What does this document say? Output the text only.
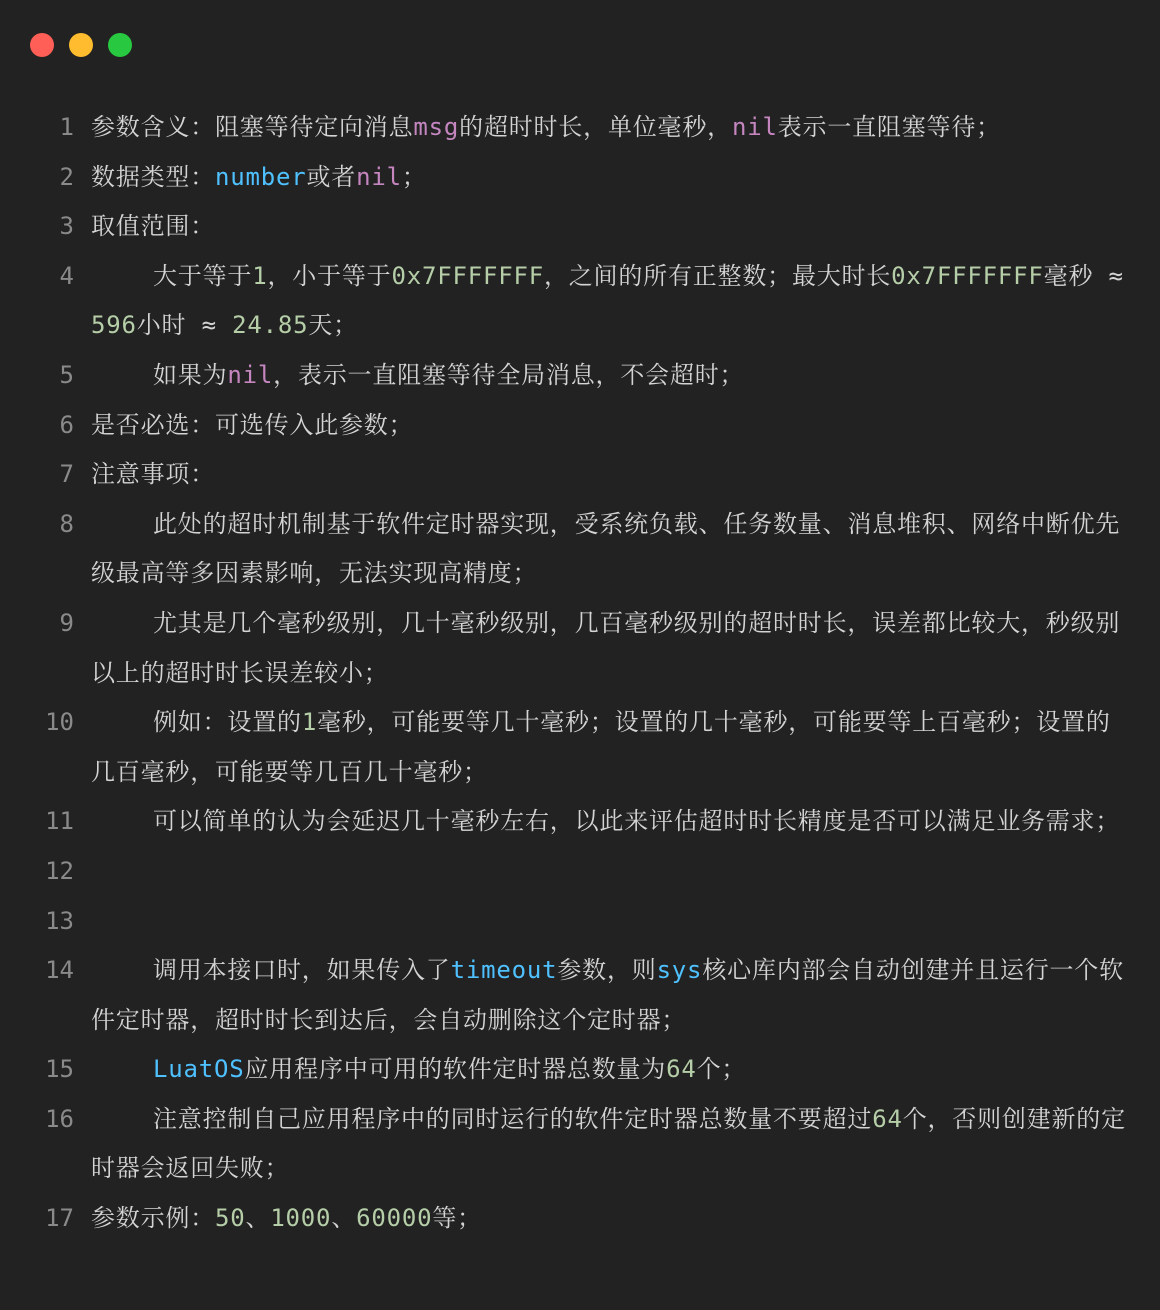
1 参数含义：阻塞等待定向消息msg的超时时长，单位毫秒，nil表示一直阻塞等待；
2 数据类型：number或者nil；
3 取值范围：
4	大于等于1，小于等于0x7FFFFFFF，之间的所有正整数；最大时长0x7FFFFFFF毫秒 ≈ 596小时 ≈ 24.85天；
5	如果为nil，表示一直阻塞等待全局消息，不会超时；
6 是否必选：可选传入此参数；
7 注意事项：
8	此处的超时机制基于软件定时器实现，受系统负载、任务数量、消息堆积、网络中断优先级最高等多因素影响，无法实现高精度；
9	尤其是几个毫秒级别，几十毫秒级别，几百毫秒级别的超时时长，误差都比较大，秒级别以上的超时时长误差较小；
10	例如：设置的1毫秒，可能要等几十毫秒；设置的几十毫秒，可能要等上百毫秒；设置的几百毫秒，可能要等几百几十毫秒；
11	可以简单的认为会延迟几十毫秒左右，以此来评估超时时长精度是否可以满足业务需求；
12

13

14	调用本接口时，如果传入了timeout参数，则sys核心库内部会自动创建并且运行一个软件定时器，超时时长到达后，会自动删除这个定时器；
15	LuatOS应用程序中可用的软件定时器总数量为64个；
16	注意控制自己应用程序中的同时运行的软件定时器总数量不要超过64个，否则创建新的定时器会返回失败；
17 参数示例：50、1000、60000等；
